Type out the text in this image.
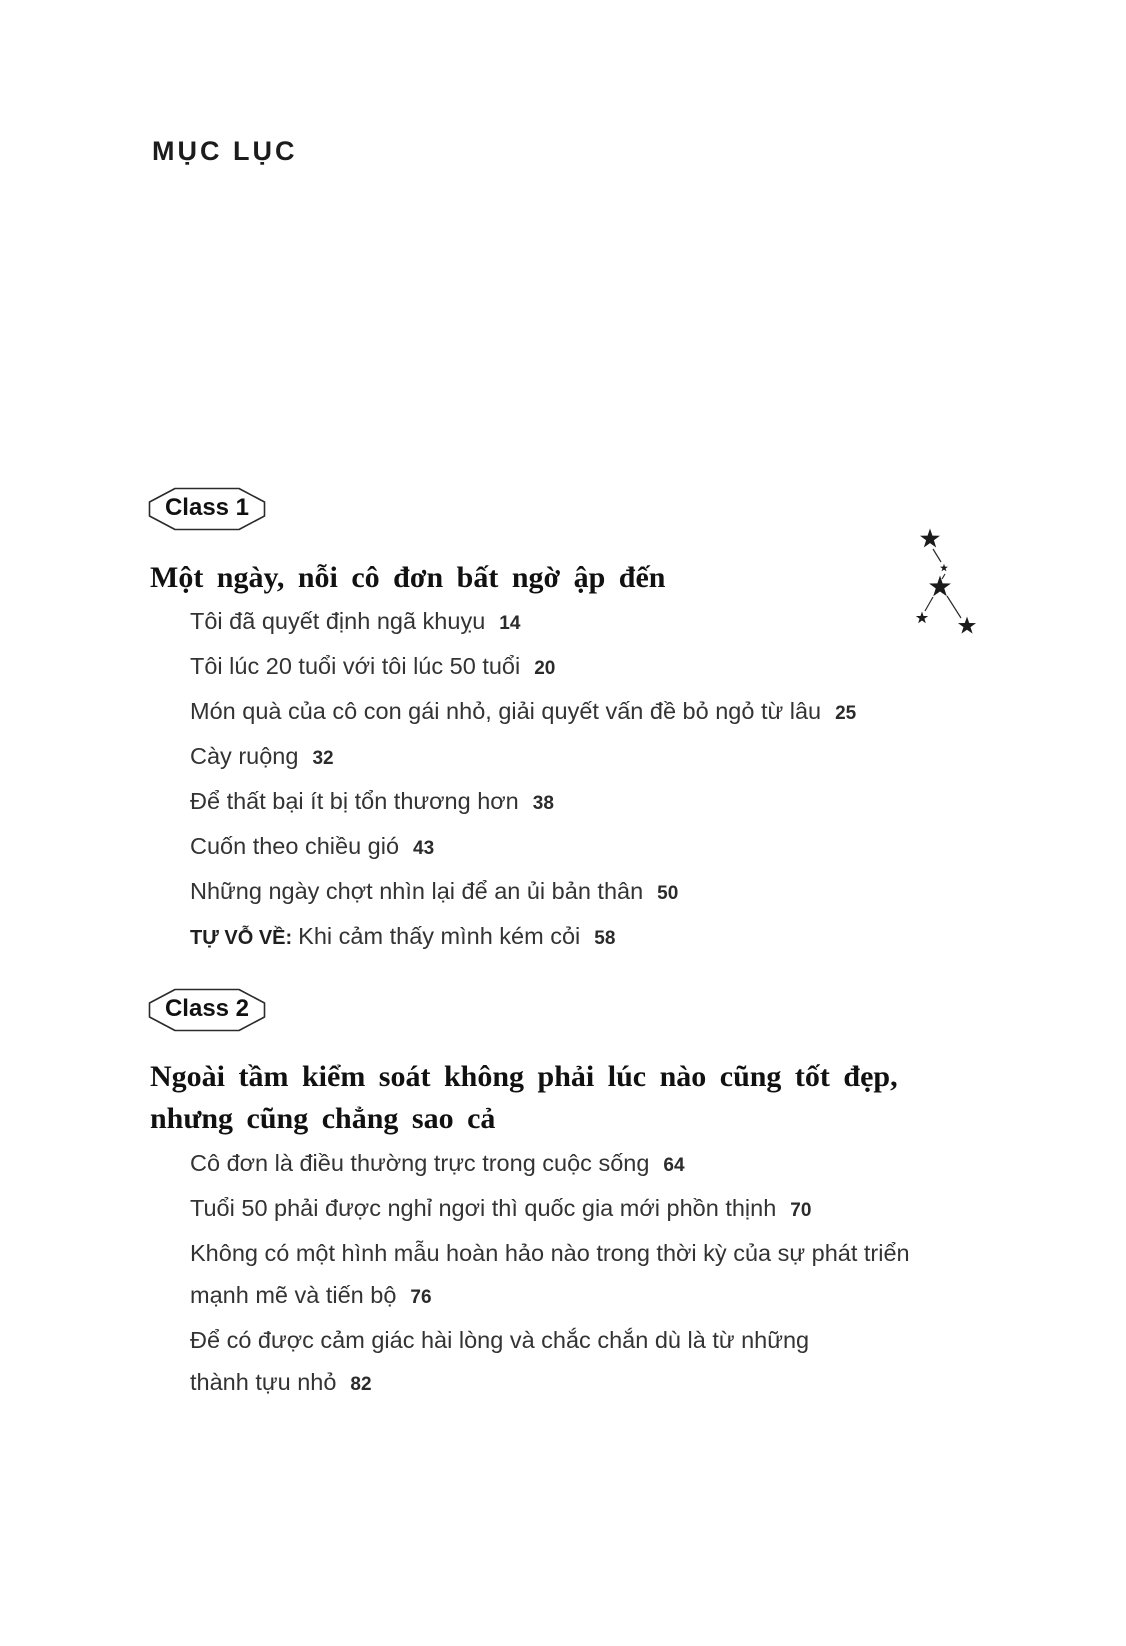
MỤC LỤC
Class 1
Một ngày, nỗi cô đơn bất ngờ ập đến
Tôi đã quyết định ngã khuỵu 14
Tôi lúc 20 tuổi với tôi lúc 50 tuổi 20
Món quà của cô con gái nhỏ, giải quyết vấn đề bỏ ngỏ từ lâu 25
Cày ruộng 32
Để thất bại ít bị tổn thương hơn 38
Cuốn theo chiều gió 43
Những ngày chợt nhìn lại để an ủi bản thân 50
TỰ VỖ VỀ: Khi cảm thấy mình kém cỏi 58
Class 2
Ngoài tầm kiểm soát không phải lúc nào cũng tốt đẹp,
nhưng cũng chẳng sao cả
Cô đơn là điều thường trực trong cuộc sống 64
Tuổi 50 phải được nghỉ ngơi thì quốc gia mới phồn thịnh 70
Không có một hình mẫu hoàn hảo nào trong thời kỳ của sự phát triển
mạnh mẽ và tiến bộ 76
Để có được cảm giác hài lòng và chắc chắn dù là từ những
thành tựu nhỏ 82
